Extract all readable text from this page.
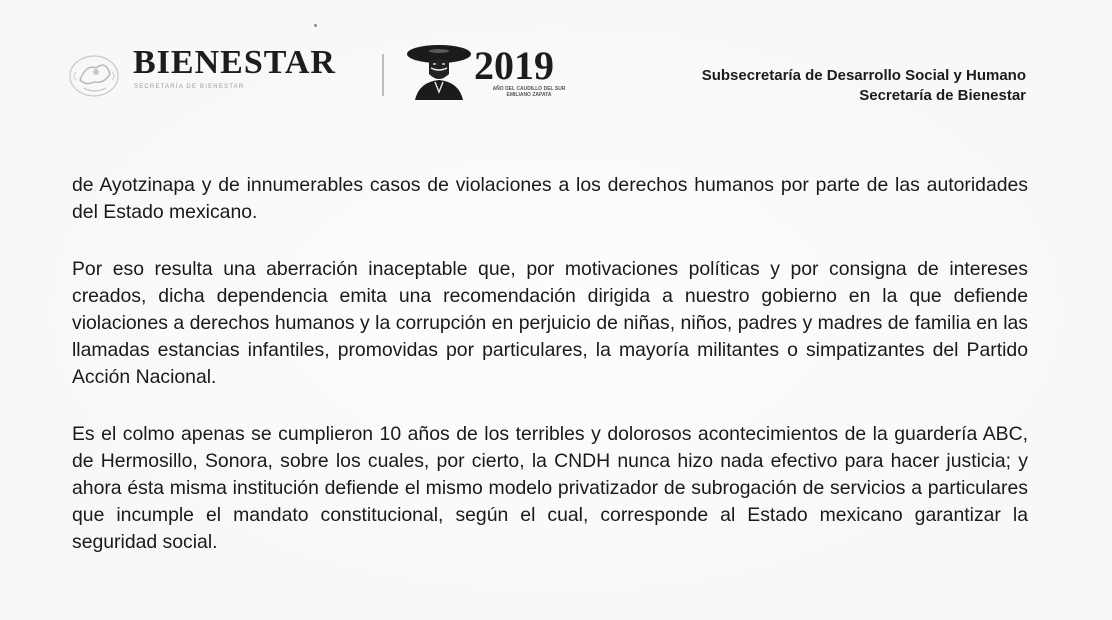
BIENESTAR
SECRETARÍA DE BIENESTAR	2019
AÑO DEL CAUDILLO DEL SUR
EMILIANO ZAPATA
Subsecretaría de Desarrollo Social y Humano
Secretaría de Bienestar

de Ayotzinapa y de innumerables casos de violaciones a los derechos humanos por parte de las autoridades del Estado mexicano.

Por eso resulta una aberración inaceptable que, por motivaciones políticas y por consigna de intereses creados, dicha dependencia emita una recomendación dirigida a nuestro gobierno en la que defiende violaciones a derechos humanos y la corrupción en perjuicio de niñas, niños, padres y madres de familia en las llamadas estancias infantiles, promovidas por particulares, la mayoría militantes o simpatizantes del Partido Acción Nacional.

Es el colmo apenas se cumplieron 10 años de los terribles y dolorosos acontecimientos de la guardería ABC, de Hermosillo, Sonora, sobre los cuales, por cierto, la CNDH nunca hizo nada efectivo para hacer justicia; y ahora ésta misma institución defiende el mismo modelo privatizador de subrogación de servicios a particulares que incumple el mandato constitucional, según el cual, corresponde al Estado mexicano garantizar la seguridad social.
